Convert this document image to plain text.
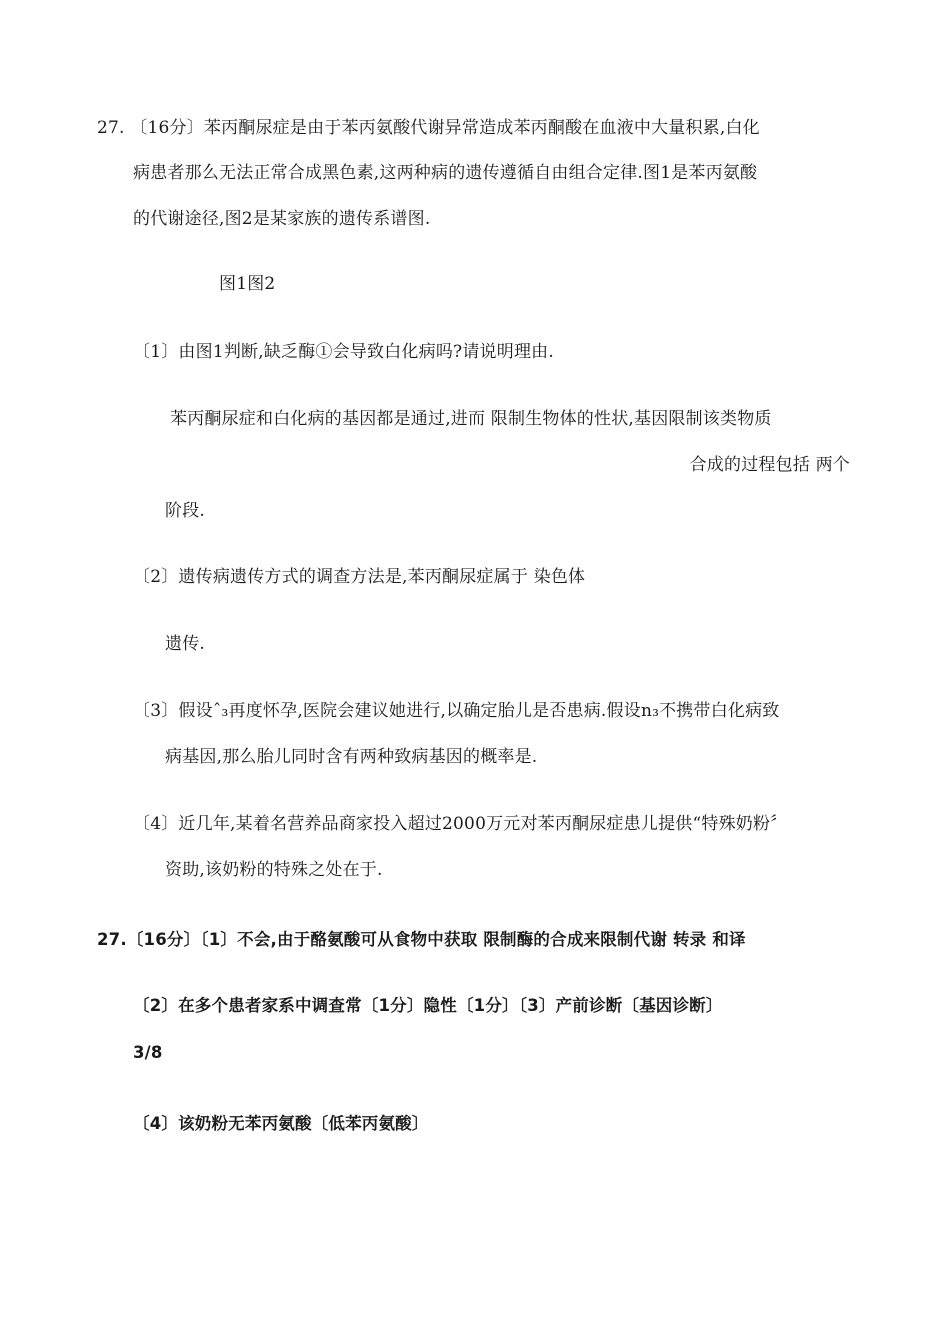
27. 〔16分〕苯丙酮尿症是由于苯丙氨酸代谢异常造成苯丙酮酸在血液中大量积累,白化
病患者那么无法正常合成黑色素,这两种病的遗传遵循自由组合定律.图1是苯丙氨酸
的代谢途径,图2是某家族的遗传系谱图.
图1图2
〔1〕由图1判断,缺乏酶①会导致白化病吗?请说明理由.
苯丙酮尿症和白化病的基因都是通过,进而 限制生物体的性状,基因限制该类物质
合成的过程包括 两个
阶段.
〔2〕遗传病遗传方式的调查方法是,苯丙酮尿症属于 染色体
遗传.
〔3〕假设ˆ₃再度怀孕,医院会建议她进行,以确定胎儿是否患病.假设n₃不携带白化病致
病基因,那么胎儿同时含有两种致病基因的概率是.
〔4〕近几年,某着名营养品商家投入超过2000万元对苯丙酮尿症患儿提供“特殊奶粉〞
资助,该奶粉的特殊之处在于.
27.〔16分〕〔1〕不会,由于酪氨酸可从食物中获取 限制酶的合成来限制代谢 转录 和译
〔2〕在多个患者家系中调查常〔1分〕隐性〔1分〕〔3〕产前诊断〔基因诊断〕
3/8
〔4〕该奶粉无苯丙氨酸〔低苯丙氨酸〕
